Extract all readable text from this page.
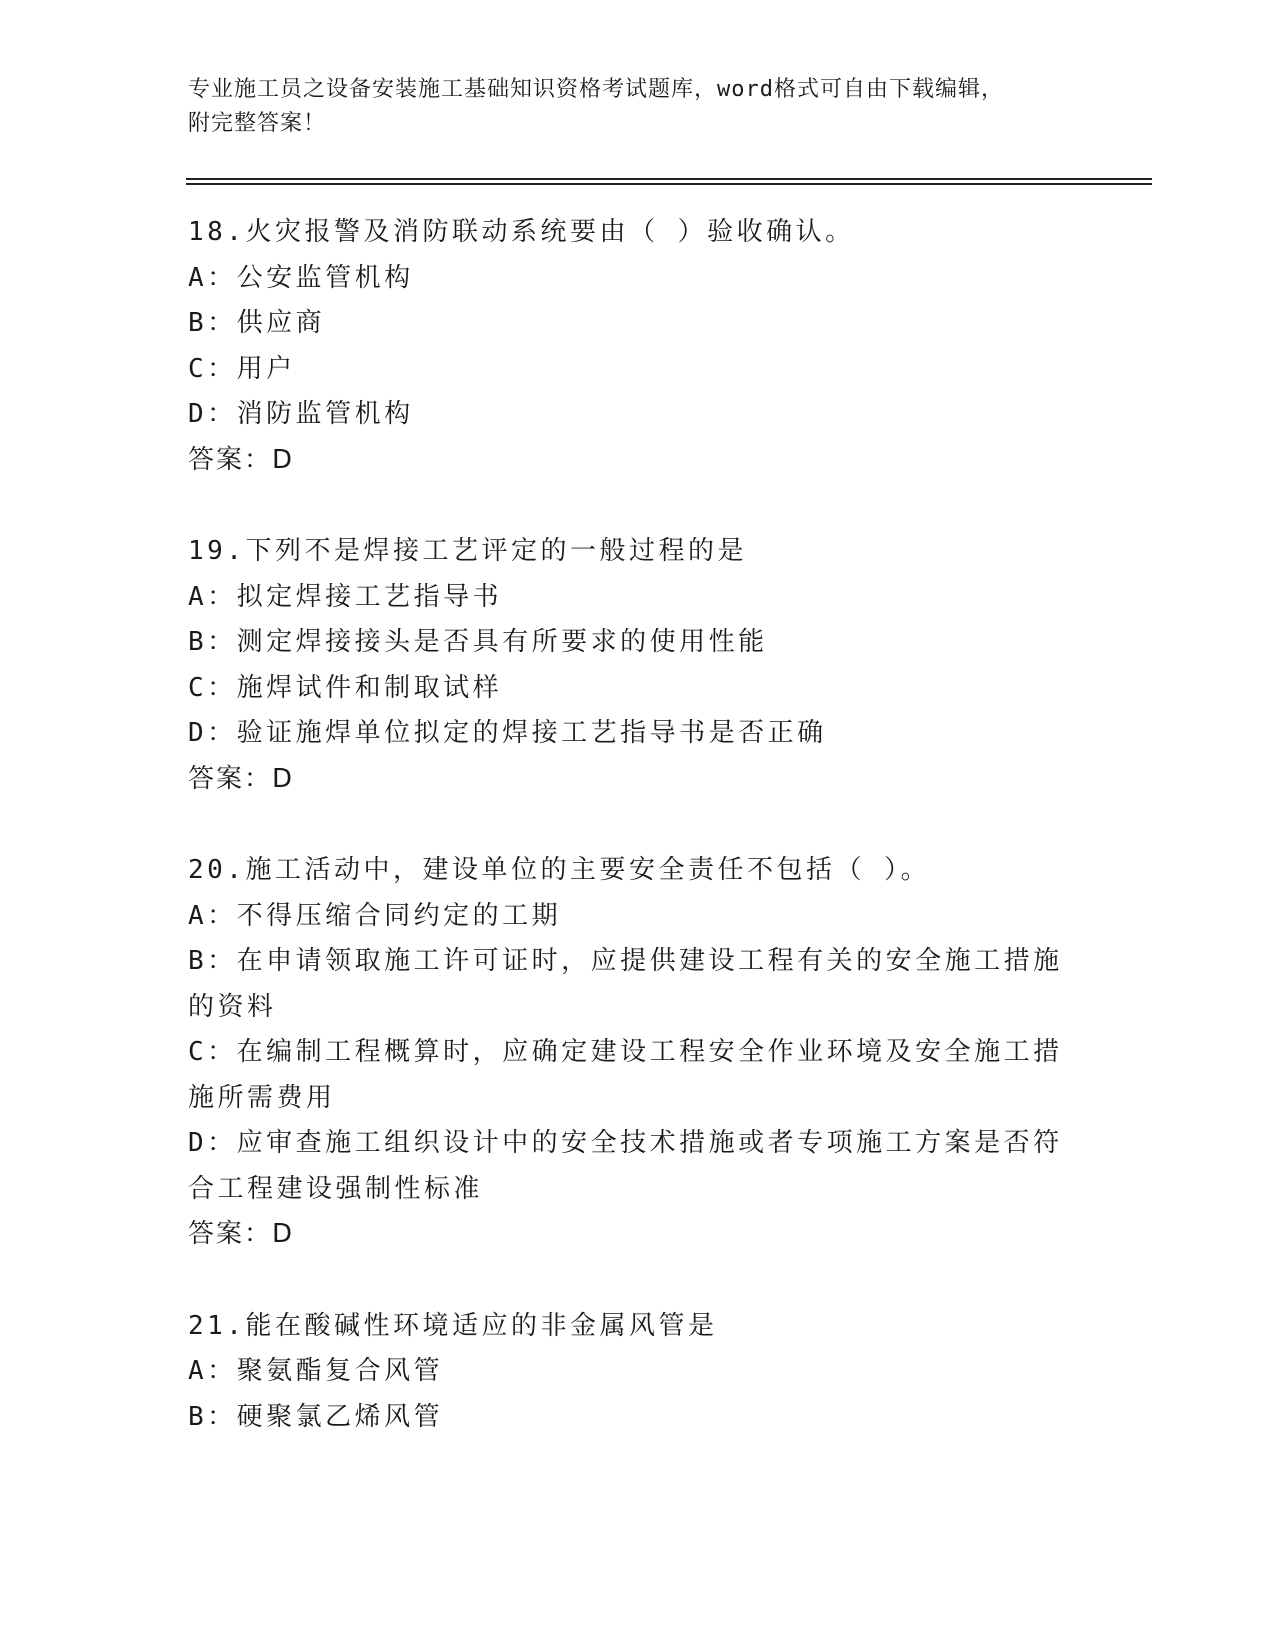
专业施工员之设备安装施工基础知识资格考试题库，word格式可自由下载编辑，
附完整答案！
18.火灾报警及消防联动系统要由（ ）验收确认。
A：公安监管机构
B：供应商
C：用户
D：消防监管机构
答案：D
19.下列不是焊接工艺评定的一般过程的是
A：拟定焊接工艺指导书
B：测定焊接接头是否具有所要求的使用性能
C：施焊试件和制取试样
D：验证施焊单位拟定的焊接工艺指导书是否正确
答案：D
20.施工活动中，建设单位的主要安全责任不包括（ ）。
A：不得压缩合同约定的工期
B：在申请领取施工许可证时，应提供建设工程有关的安全施工措施的资料
C：在编制工程概算时，应确定建设工程安全作业环境及安全施工措施所需费用
D：应审查施工组织设计中的安全技术措施或者专项施工方案是否符合工程建设强制性标准
答案：D
21.能在酸碱性环境适应的非金属风管是
A：聚氨酯复合风管
B：硬聚氯乙烯风管
